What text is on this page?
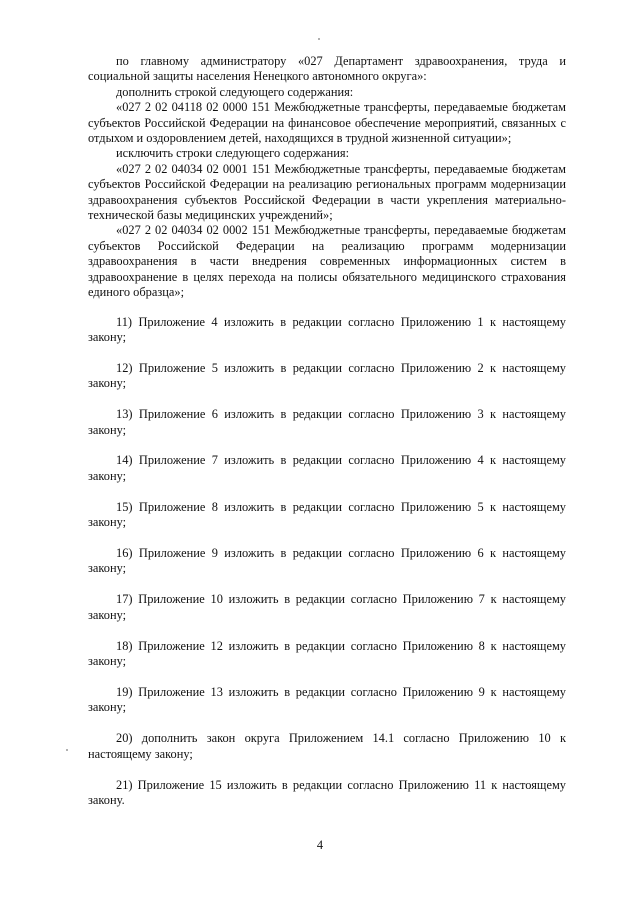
по главному администратору «027 Департамент здравоохранения, труда и социальной защиты населения Ненецкого автономного округа»:

дополнить строкой следующего содержания:

«027 2 02 04118 02 0000 151 Межбюджетные трансферты, передаваемые бюджетам субъектов Российской Федерации на финансовое обеспечение мероприятий, связанных с отдыхом и оздоровлением детей, находящихся в трудной жизненной ситуации»;

исключить строки следующего содержания:

«027 2 02 04034 02 0001 151 Межбюджетные трансферты, передаваемые бюджетам субъектов Российской Федерации на реализацию региональных программ модернизации здравоохранения субъектов Российской Федерации в части укрепления материально-технической базы медицинских учреждений»;

«027 2 02 04034 02 0002 151 Межбюджетные трансферты, передаваемые бюджетам субъектов Российской Федерации на реализацию программ модернизации здравоохранения в части внедрения современных информационных систем в здравоохранение в целях перехода на полисы обязательного медицинского страхования единого образца»;

11) Приложение 4 изложить в редакции согласно Приложению 1 к настоящему закону;

12) Приложение 5 изложить в редакции согласно Приложению 2 к настоящему закону;

13) Приложение 6 изложить в редакции согласно Приложению 3 к настоящему закону;

14) Приложение 7 изложить в редакции согласно Приложению 4 к настоящему закону;

15) Приложение 8 изложить в редакции согласно Приложению 5 к настоящему закону;

16) Приложение 9 изложить в редакции согласно Приложению 6 к настоящему закону;

17) Приложение 10 изложить в редакции согласно Приложению 7 к настоящему закону;

18) Приложение 12 изложить в редакции согласно Приложению 8 к настоящему закону;

19) Приложение 13 изложить в редакции согласно Приложению 9 к настоящему закону;

20) дополнить закон округа Приложением 14.1 согласно Приложению 10 к настоящему закону;

21) Приложение 15 изложить в редакции согласно Приложению 11 к настоящему закону.

4
